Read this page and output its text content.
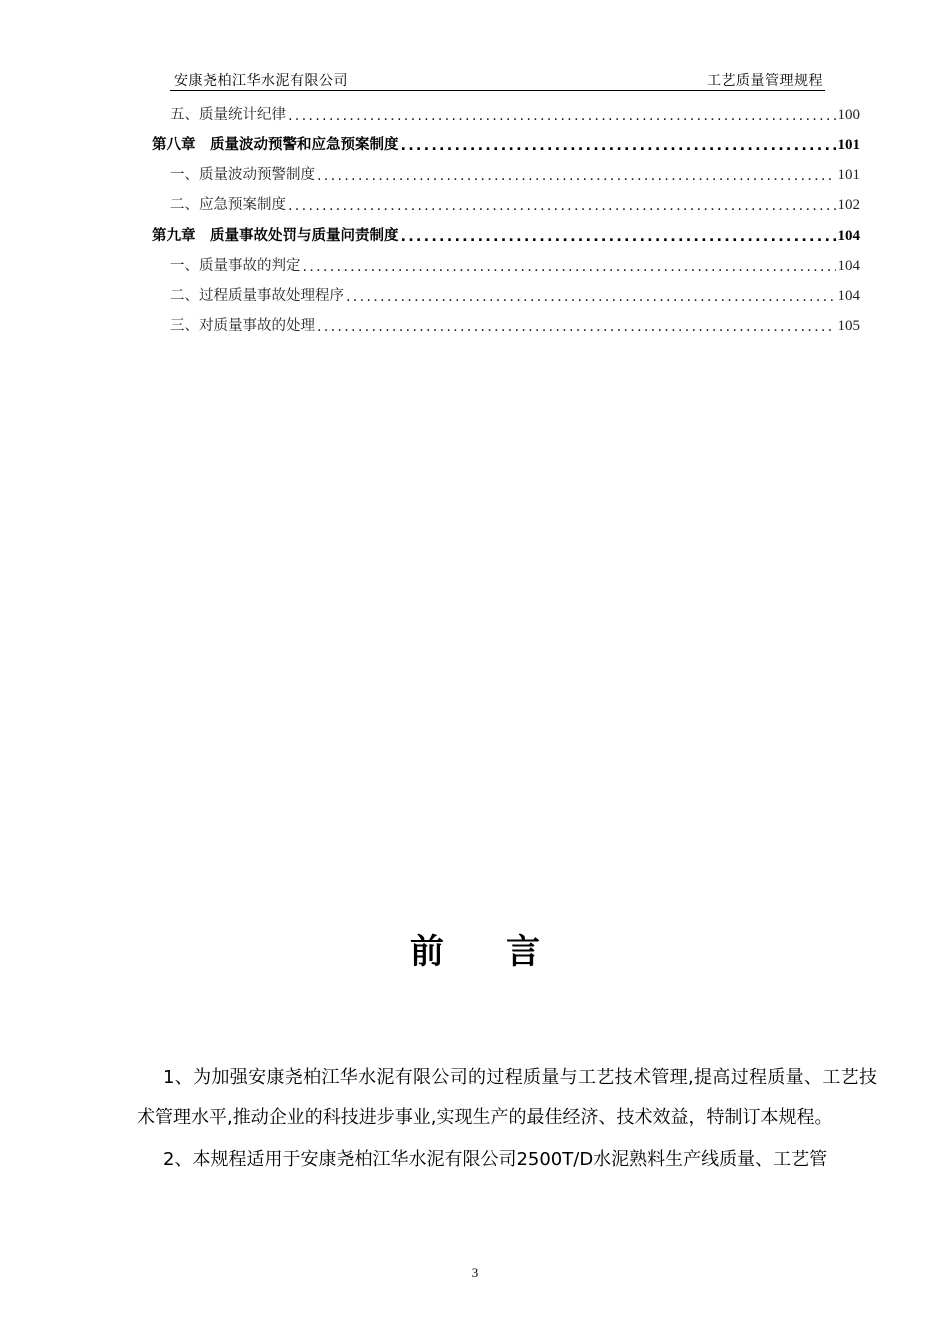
安康尧柏江华水泥有限公司	工艺质量管理规程
五、质量统计纪律 .....	100
第八章　质量波动预警和应急预案制度 .....	101
一、质量波动预警制度 .....	101
二、应急预案制度 .....	102
第九章　质量事故处罚与质量问责制度 .....	104
一、质量事故的判定 .....	104
二、过程质量事故处理程序 .....	104
三、对质量事故的处理 .....	105
前言

1、为加强安康尧柏江华水泥有限公司的过程质量与工艺技术管理,提高过程质量、工艺技术管理水平,推动企业的科技进步事业,实现生产的最佳经济、技术效益，特制订本规程。

2、本规程适用于安康尧柏江华水泥有限公司2500T/D水泥熟料生产线质量、工艺管

3
